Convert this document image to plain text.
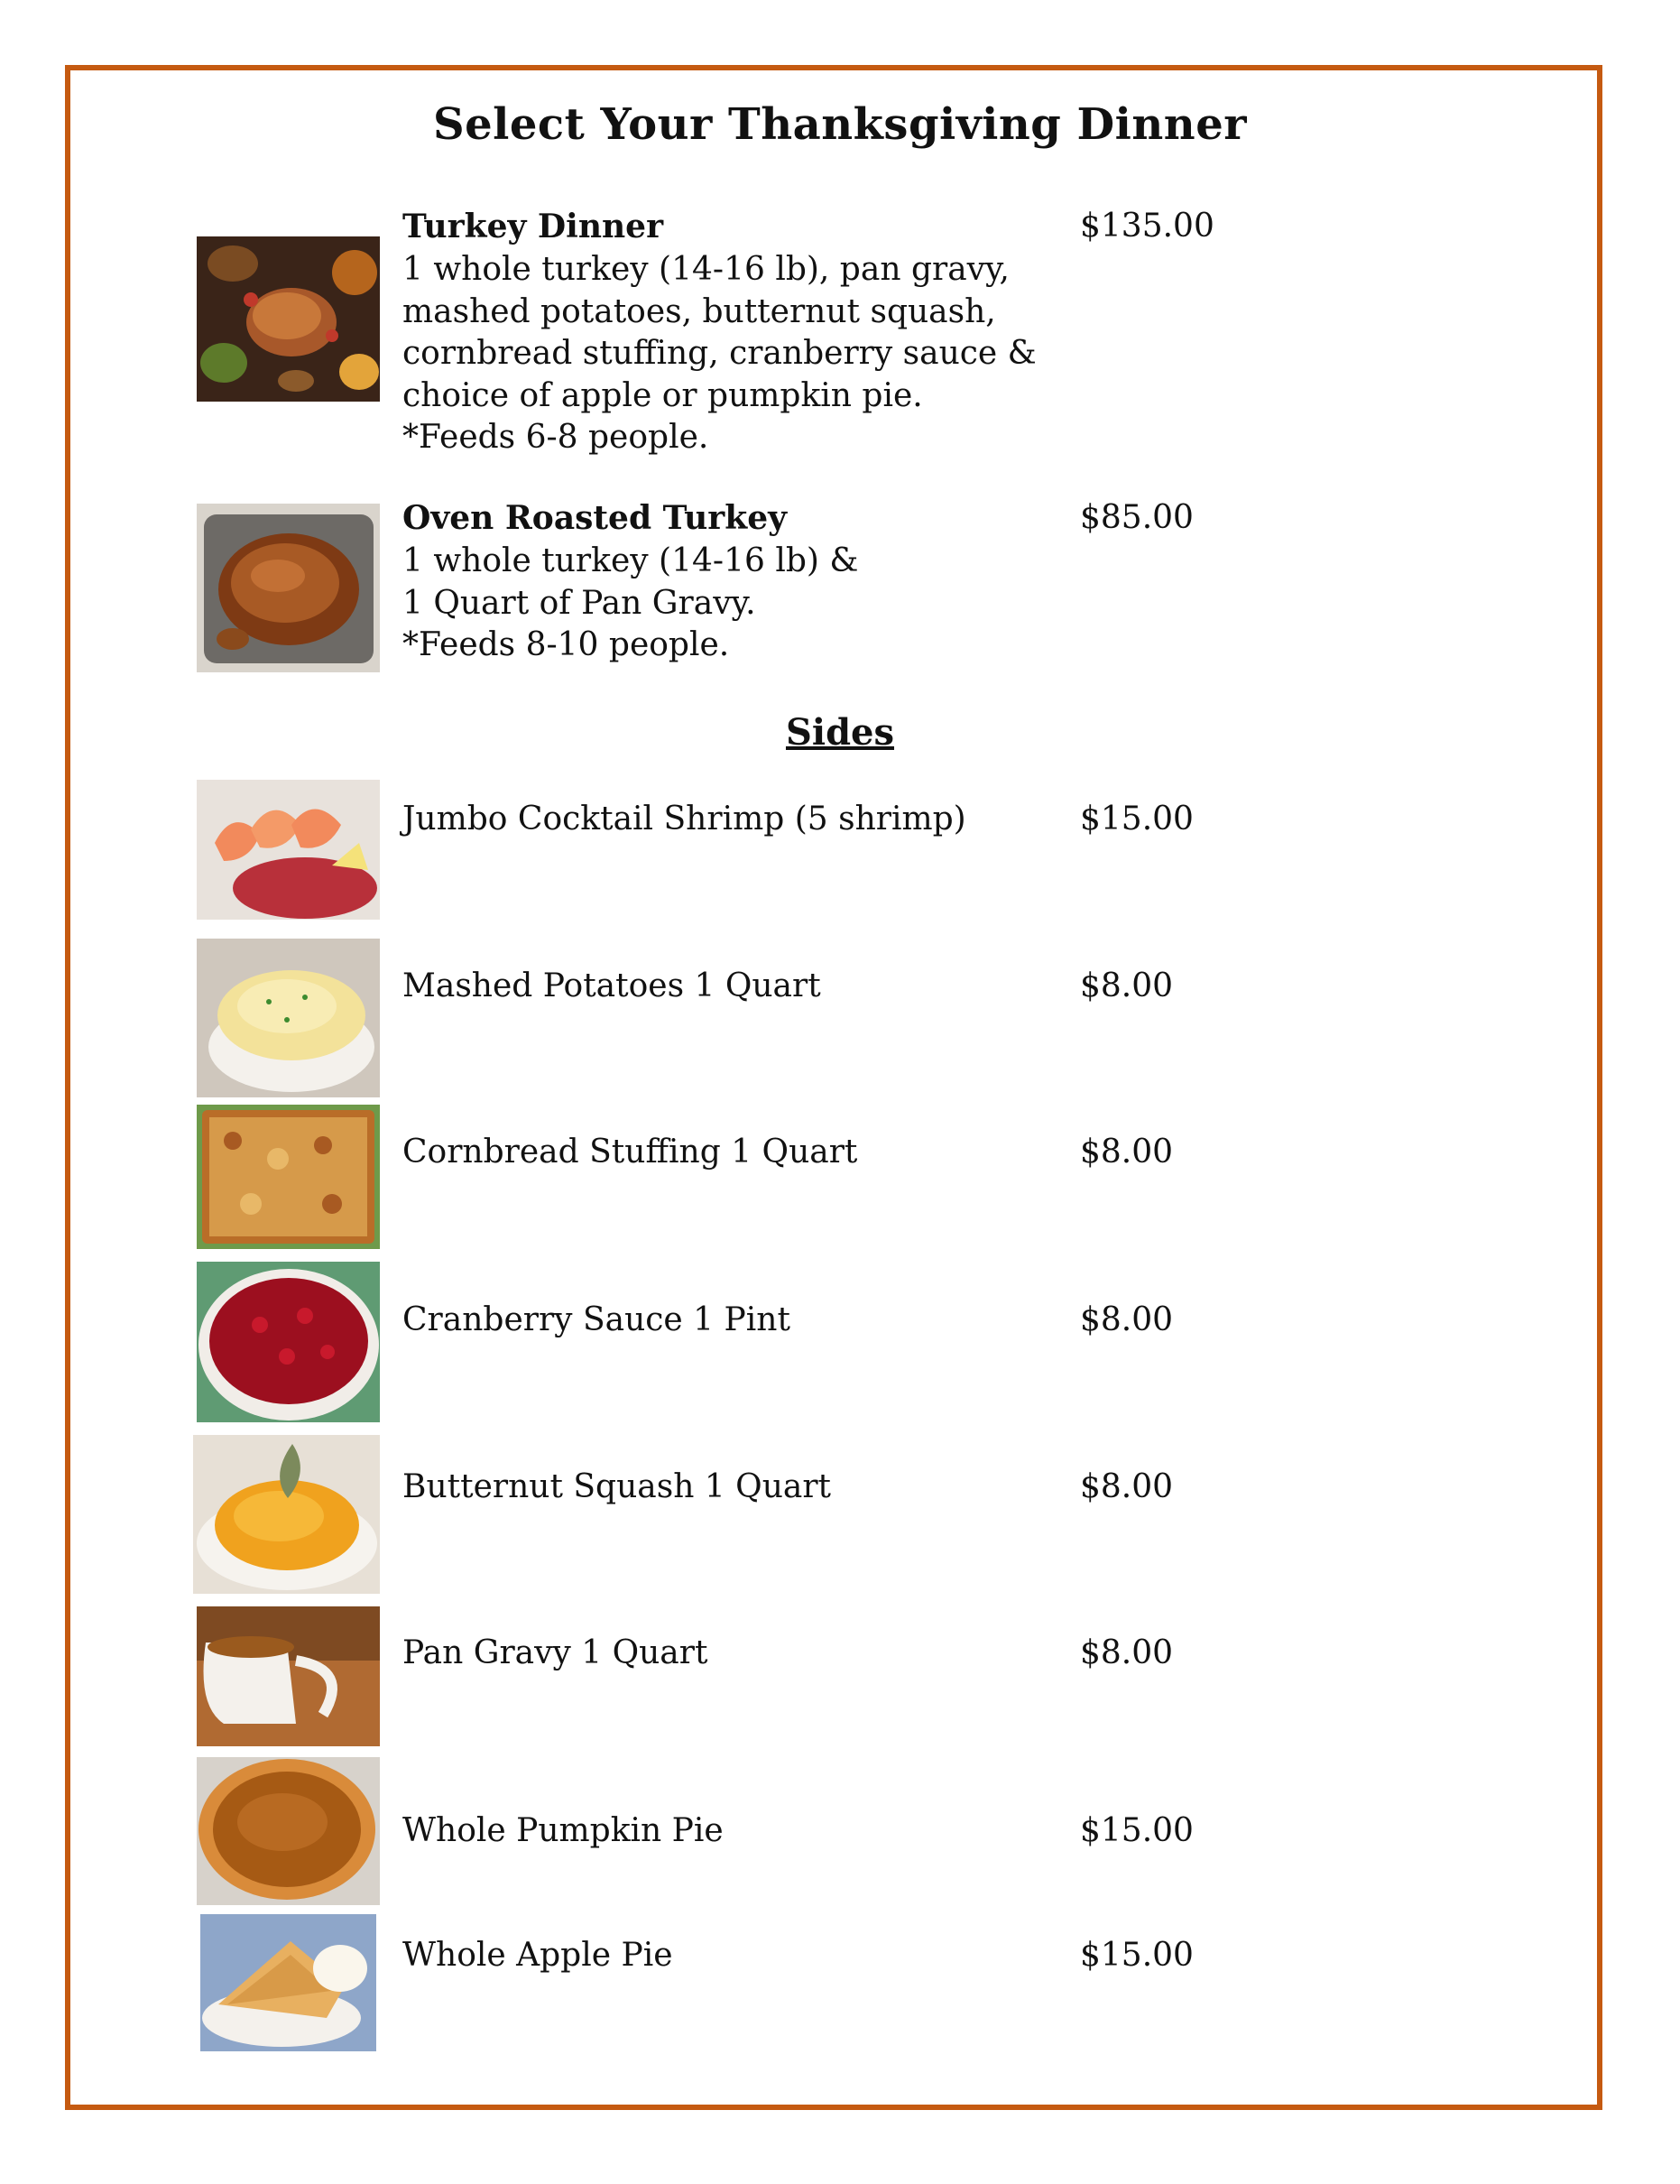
Select Your Thanksgiving Dinner
Turkey Dinner	$135.00
1 whole turkey (14-16 lb), pan gravy,
mashed potatoes, butternut squash,
cornbread stuffing, cranberry sauce &
choice of apple or pumpkin pie.
*Feeds 6-8 people.
Oven Roasted Turkey	$85.00
1 whole turkey (14-16 lb) &
1 Quart of Pan Gravy.
*Feeds 8-10 people.
Sides
Jumbo Cocktail Shrimp (5 shrimp)	$15.00
Mashed Potatoes 1 Quart	$8.00
Cornbread Stuffing 1 Quart	$8.00
Cranberry Sauce 1 Pint	$8.00
Butternut Squash 1 Quart	$8.00
Pan Gravy 1 Quart	$8.00
Whole Pumpkin Pie	$15.00
Whole Apple Pie	$15.00
